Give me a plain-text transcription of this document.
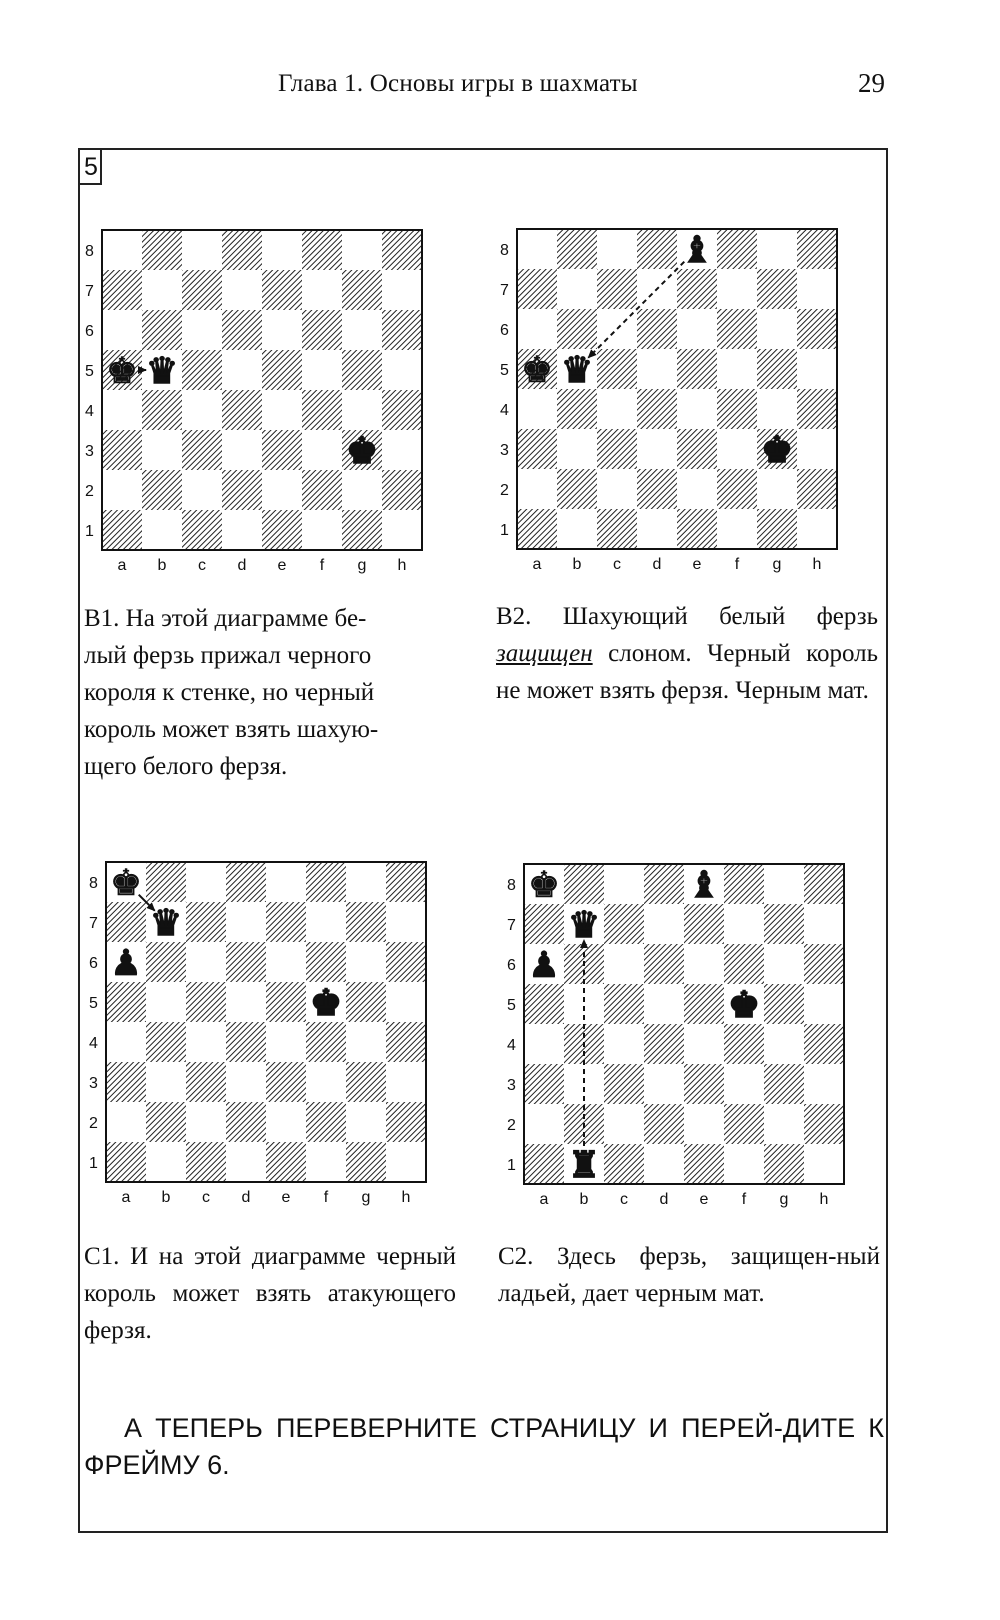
Глава 1. Основы игры в шахматы	29
5
8
7
6
5
4
3
2
1
a b c d e f g h
♚ ♛
♚
B1. На этой диаграмме бе-
лый ферзь прижал черного
короля к стенке, но черный
король может взять шахую-
щего белого ферзя.
8
7
6
5
4
3
2
1
a b c d e f g h
♝
♚ ♛
♚
B2. Шахующий белый ферзь защищен слоном. Черный король не может взять ферзя. Черным мат.
8
7
6
5
4
3
2
1
a b c d e f g h
♚
♛
♟
♚
C1. И на этой диаграмме черный король может взять атакующего ферзя.
8
7
6
5
4
3
2
1
a b c d e f g h
♚	♝
♛
♟
♚
♜
C2. Здесь ферзь, защищен-ный ладьей, дает черным мат.
А ТЕПЕРЬ ПЕРЕВЕРНИТЕ СТРАНИЦУ И ПЕРЕЙ-ДИТЕ К ФРЕЙМУ 6.
